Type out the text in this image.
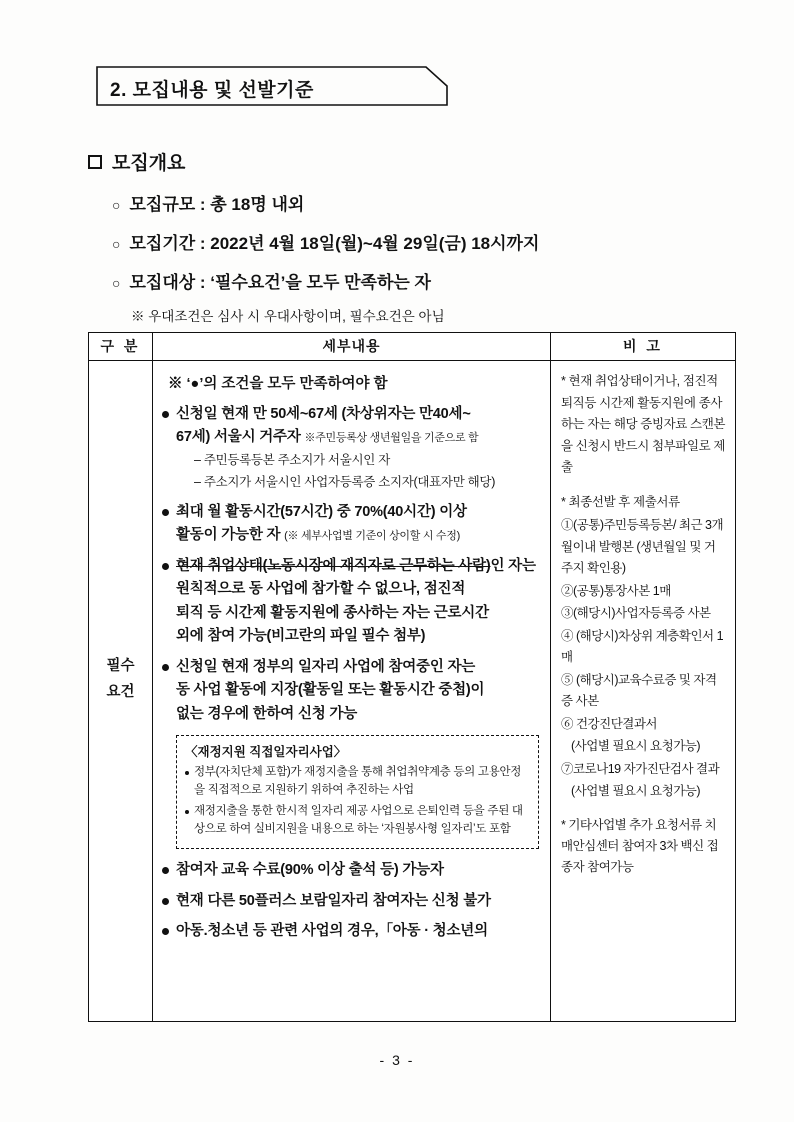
2. 모집내용 및 선발기준
모집개요
○ 모집규모 : 총 18명 내외
○ 모집기간 : 2022년 4월 18일(월)~4월 29일(금) 18시까지
○ 모집대상 : ‘필수요건’을 모두 만족하는 자
※ 우대조건은 심사 시 우대사항이며, 필수요건은 아님
구 분	세부내용	비 고
필수
요건
※ ‘●’의 조건을 모두 만족하여야 함
신청일 현재 만 50세~67세 (차상위자는 만40세~
67세) 서울시 거주자 ※주민등록상 생년월일을 기준으로 함
– 주민등록등본 주소지가 서울시인 자
– 주소지가 서울시인 사업자등록증 소지자(대표자만 해당)
최대 월 활동시간(57시간) 중 70%(40시간) 이상
활동이 가능한 자 (※ 세부사업별 기준이 상이할 시 수정)
현재 취업상태(노동시장에 재직자로 근무하는 사람)인 자는
원칙적으로 동 사업에 참가할 수 없으나, 점진적
퇴직 등 시간제 활동지원에 종사하는 자는 근로시간
외에 참여 가능(비고란의 파일 필수 첨부)
신청일 현재 정부의 일자리 사업에 참여중인 자는
동 사업 활동에 지장(활동일 또는 활동시간 중첩)이
없는 경우에 한하여 신청 가능
〈재정지원 직접일자리사업〉
정부(자치단체 포함)가 재정지출을 통해 취업취약계층 등의 고용안정을 직접적으로 지원하기 위하여 추진하는 사업
재정지출을 통한 한시적 일자리 제공 사업으로 은퇴인력 등을 주된 대상으로 하여 실비지원을 내용으로 하는 ‘자원봉사형 일자리’도 포함
참여자 교육 수료(90% 이상 출석 등) 가능자
현재 다른 50플러스 보람일자리 참여자는 신청 불가
아동.청소년 등 관련 사업의 경우,「아동 · 청소년의
* 현재 취업상태이거나, 점진적 퇴직등 시간제 활동지원에 종사하는 자는 해당 증빙자료 스캔본을 신청시 반드시 첨부파일로 제출
* 최종선발 후 제출서류
①(공통)주민등록등본/ 최근 3개월이내 발행본 (생년월일 및 거주지 확인용)
②(공통)통장사본 1매
③(해당시)사업자등록증 사본
④ (해당시)차상위 계층확인서 1매
⑤ (해당시)교육수료증 및 자격증 사본
⑥ 건강진단결과서
(사업별 필요시 요청가능)
⑦코로나19 자가진단검사 결과
(사업별 필요시 요청가능)
* 기타사업별 추가 요청서류 치매안심센터 참여자 3차 백신 접종자 참여가능
- 3 -
